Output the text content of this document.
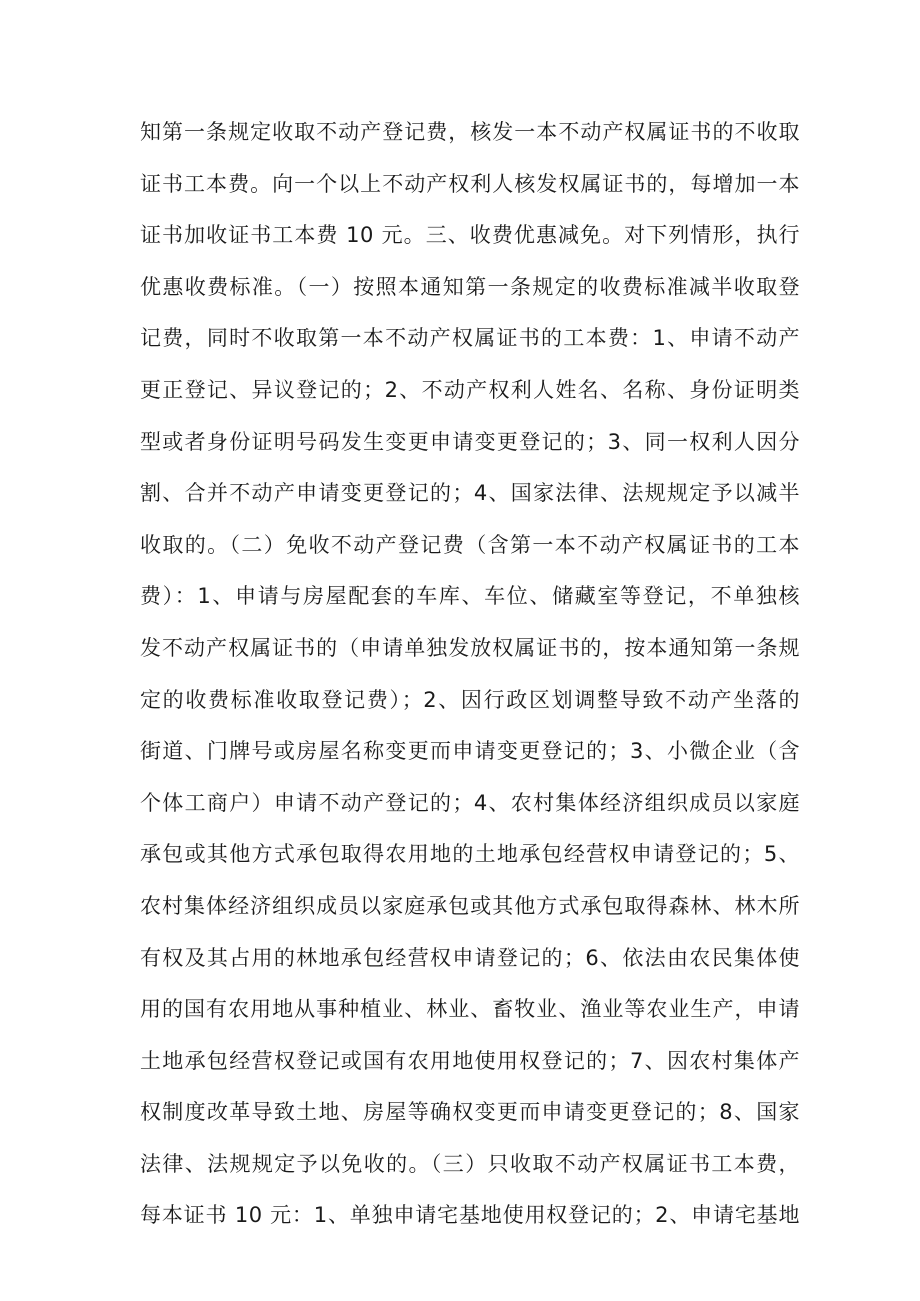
知第一条规定收取不动产登记费，核发一本不动产权属证书的不收取
证书工本费。向一个以上不动产权利人核发权属证书的，每增加一本
证书加收证书工本费 10 元。三、收费优惠减免。对下列情形，执行
优惠收费标准。（一）按照本通知第一条规定的收费标准减半收取登
记费，同时不收取第一本不动产权属证书的工本费：1、申请不动产
更正登记、异议登记的；2、不动产权利人姓名、名称、身份证明类
型或者身份证明号码发生变更申请变更登记的；3、同一权利人因分
割、合并不动产申请变更登记的；4、国家法律、法规规定予以减半
收取的。（二）免收不动产登记费（含第一本不动产权属证书的工本
费）：1、申请与房屋配套的车库、车位、储藏室等登记，不单独核
发不动产权属证书的（申请单独发放权属证书的，按本通知第一条规
定的收费标准收取登记费）；2、因行政区划调整导致不动产坐落的
街道、门牌号或房屋名称变更而申请变更登记的；3、小微企业（含
个体工商户）申请不动产登记的；4、农村集体经济组织成员以家庭
承包或其他方式承包取得农用地的土地承包经营权申请登记的；5、
农村集体经济组织成员以家庭承包或其他方式承包取得森林、林木所
有权及其占用的林地承包经营权申请登记的；6、依法由农民集体使
用的国有农用地从事种植业、林业、畜牧业、渔业等农业生产，申请
土地承包经营权登记或国有农用地使用权登记的；7、因农村集体产
权制度改革导致土地、房屋等确权变更而申请变更登记的；8、国家
法律、法规规定予以免收的。（三）只收取不动产权属证书工本费，
每本证书 10 元：1、单独申请宅基地使用权登记的；2、申请宅基地
